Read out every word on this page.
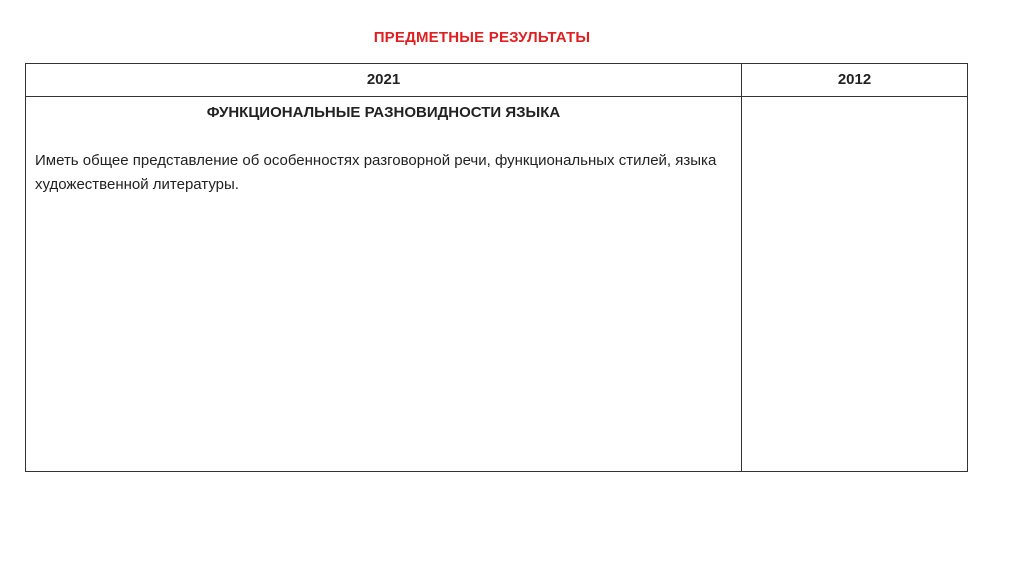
ПРЕДМЕТНЫЕ РЕЗУЛЬТАТЫ
2021	2012
ФУНКЦИОНАЛЬНЫЕ РАЗНОВИДНОСТИ ЯЗЫКА
Иметь общее представление об особенностях разговорной речи, функциональных стилей, языка художественной литературы.
